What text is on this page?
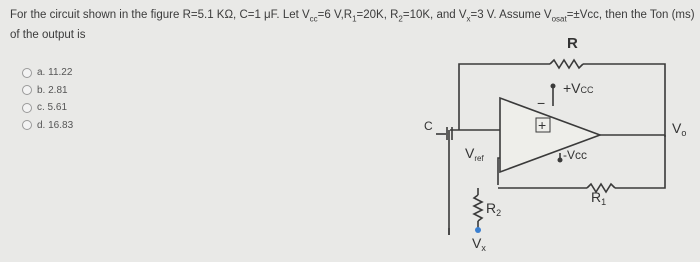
For the circuit shown in the figure R=5.1 KΩ, C=1 μF. Let $V_{cc}=6$ $V,R_1=20K$, $R_2=10K$, and $V_x=3$ V. Assume $V_{osat}=\pm Vcc$, then the Ton (ms)
of the output is
a. 11.22
b. 2.81
c. 5.61
d. 16.83
R
C
+VCC
-Vcc
$R_1$
$R_2$
$V_{ref}$
$V_x$
$V_o$
−
+
